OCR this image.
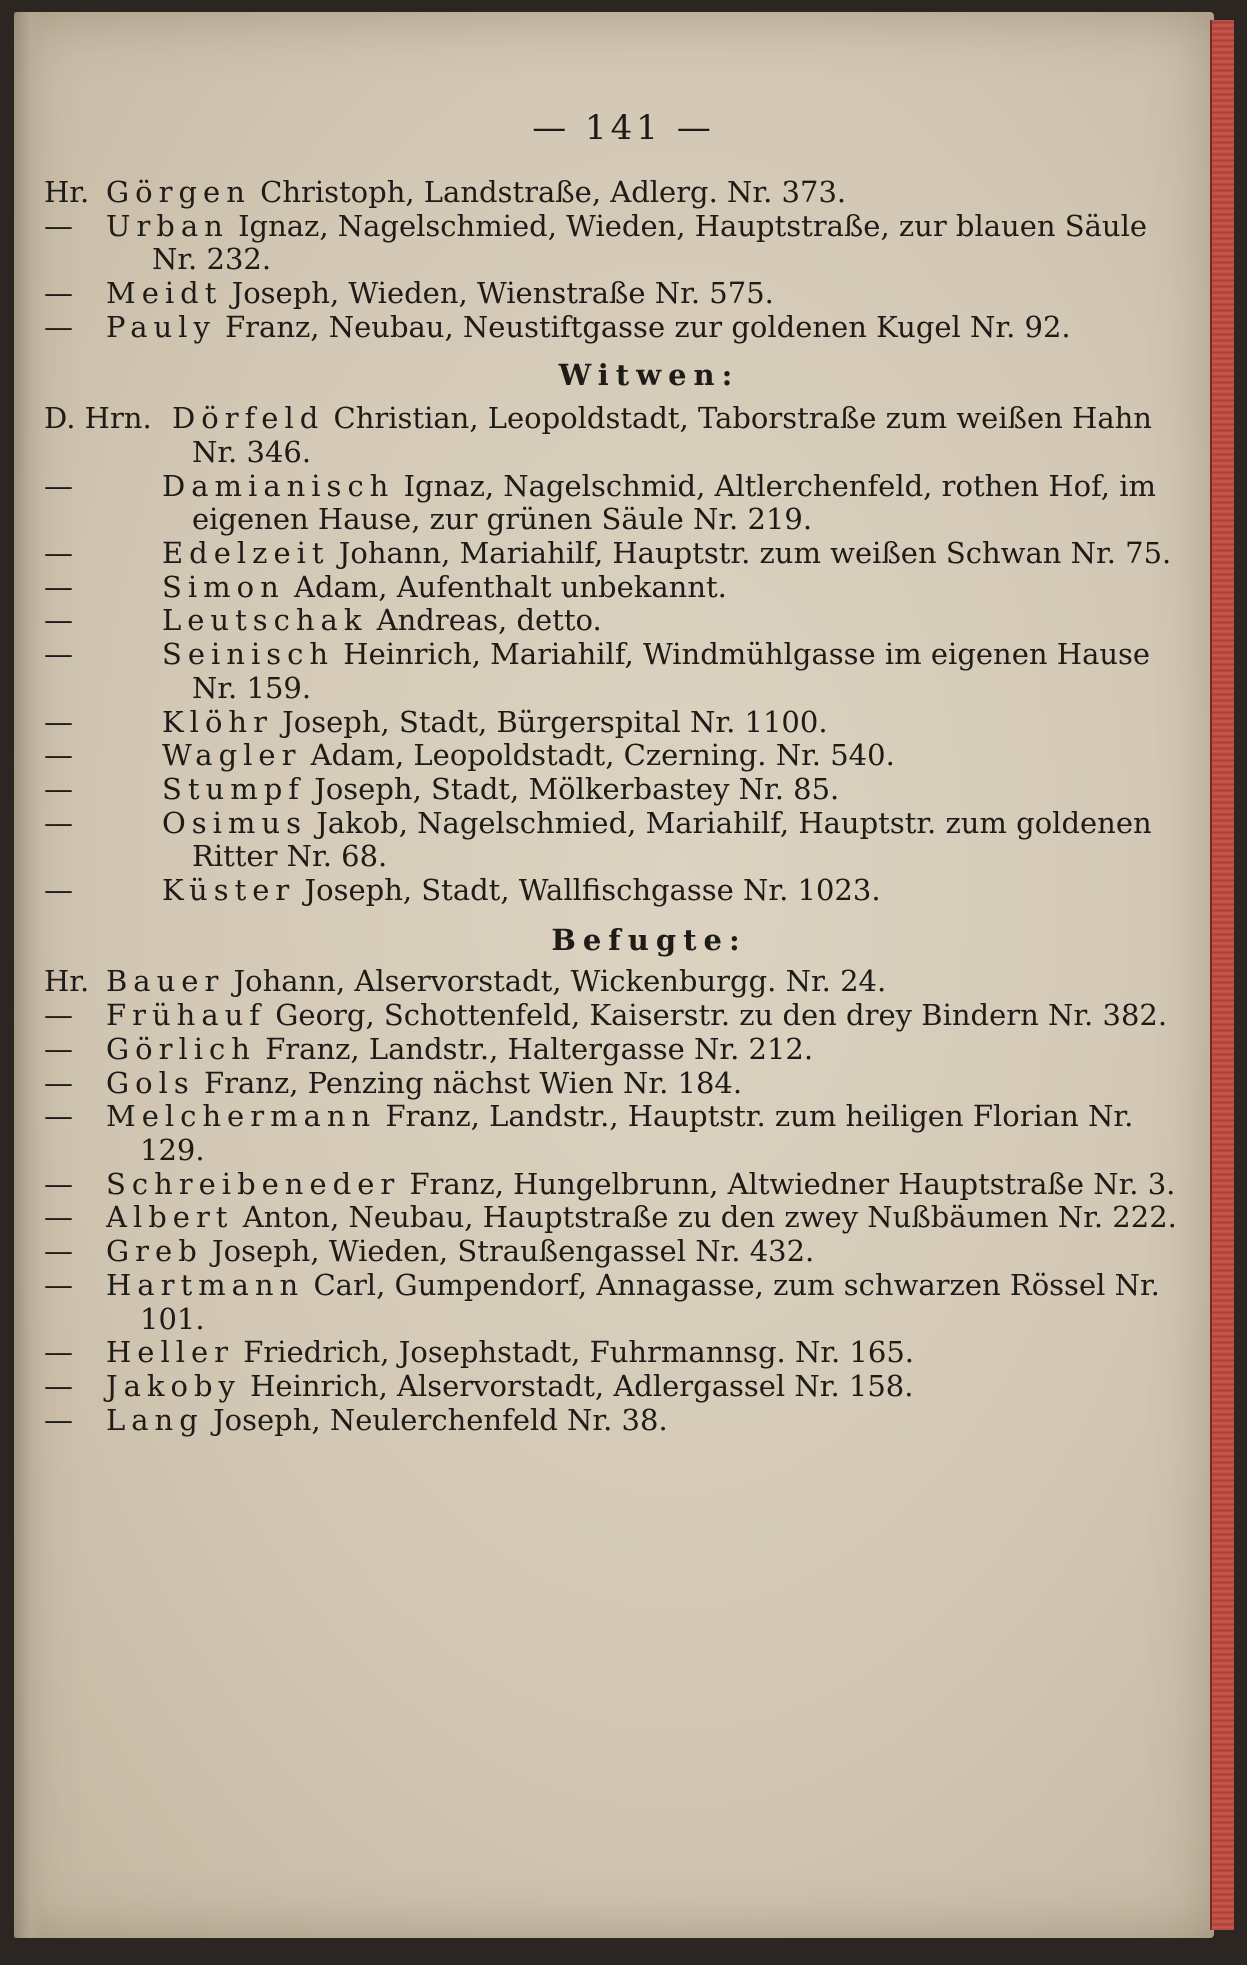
— 141 —
Hr. Görgen Christoph, Landstraße, Adlerg. Nr. 373.
—	Urban Ignaz, Nagelschmied, Wieden, Hauptstraße, zur blauen Säule Nr. 232.
—	Meidt Joseph, Wieden, Wienstraße Nr. 575.
—	Pauly Franz, Neubau, Neustiftgasse zur goldenen Kugel Nr. 92.
Witwen:
D. Hrn. Dörfeld Christian, Leopoldstadt, Taborstraße zum weißen Hahn Nr. 346.
—	Damianisch Ignaz, Nagelschmid, Altlerchenfeld, rothen Hof, im eigenen Hause, zur grünen Säule Nr. 219.
—	Edelzeit Johann, Mariahilf, Hauptstr. zum weißen Schwan Nr. 75.
—	Simon Adam, Aufenthalt unbekannt.
—	Leutschak Andreas, detto.
—	Seinisch Heinrich, Mariahilf, Windmühlgasse im eigenen Hause Nr. 159.
—	Klöhr Joseph, Stadt, Bürgerspital Nr. 1100.
—	Wagler Adam, Leopoldstadt, Czerning. Nr. 540.
—	Stumpf Joseph, Stadt, Mölkerbastey Nr. 85.
—	Osimus Jakob, Nagelschmied, Mariahilf, Hauptstr. zum goldenen Ritter Nr. 68.
—	Küster Joseph, Stadt, Wallfischgasse Nr. 1023.
Befugte:
Hr. Bauer Johann, Alservorstadt, Wickenburgg. Nr. 24.
—	Frühauf Georg, Schottenfeld, Kaiserstr. zu den drey Bindern Nr. 382.
—	Görlich Franz, Landstr., Haltergasse Nr. 212.
—	Gols Franz, Penzing nächst Wien Nr. 184.
—	Melchermann Franz, Landstr., Hauptstr. zum heiligen Florian Nr. 129.
—	Schreibeneder Franz, Hungelbrunn, Altwiedner Hauptstraße Nr. 3.
—	Albert Anton, Neubau, Hauptstraße zu den zwey Nußbäumen Nr. 222.
—	Greb Joseph, Wieden, Straußengassel Nr. 432.
—	Hartmann Carl, Gumpendorf, Annagasse, zum schwarzen Rössel Nr. 101.
—	Heller Friedrich, Josephstadt, Fuhrmannsg. Nr. 165.
—	Jakoby Heinrich, Alservorstadt, Adlergassel Nr. 158.
—	Lang Joseph, Neulerchenfeld Nr. 38.
